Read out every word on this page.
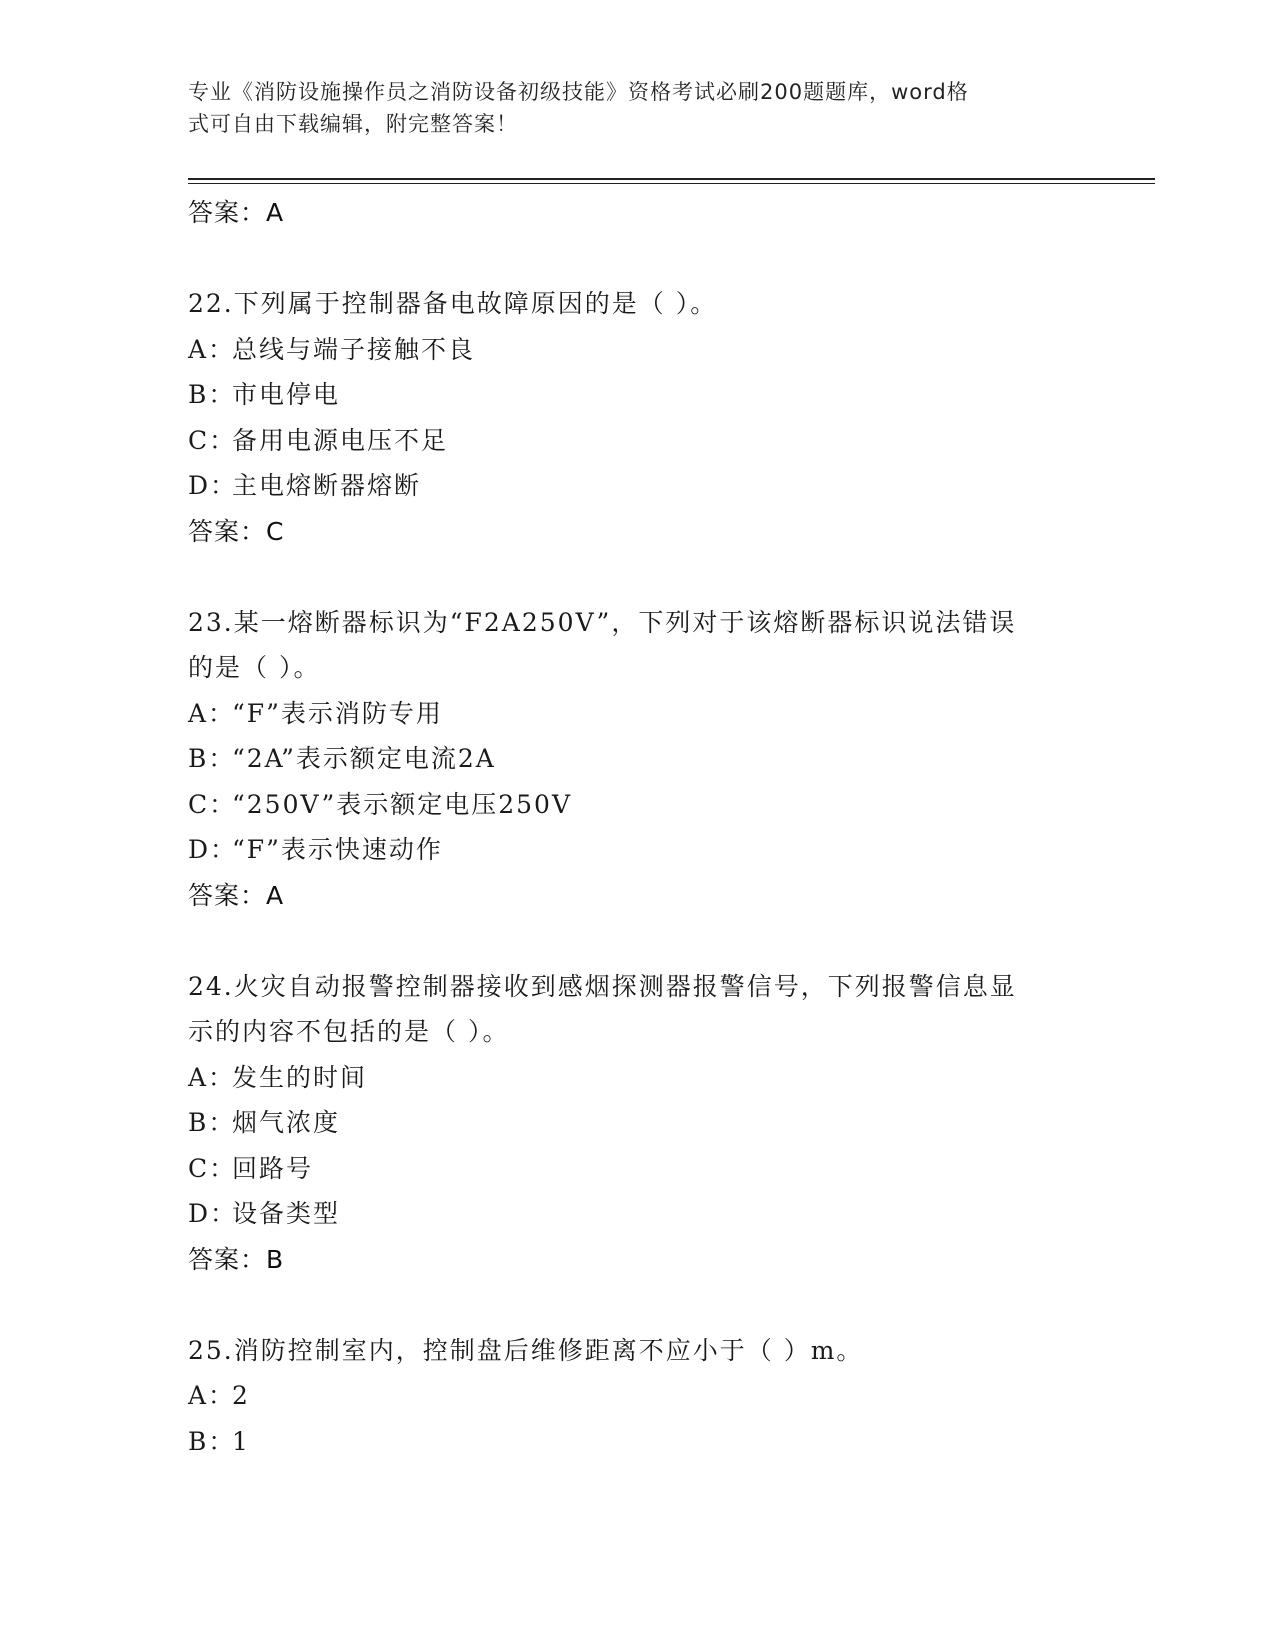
专业《消防设施操作员之消防设备初级技能》资格考试必刷200题题库，word格
式可自由下载编辑，附完整答案！

答案：A

22.下列属于控制器备电故障原因的是（ ）。

A：总线与端子接触不良

B：市电停电

C：备用电源电压不足

D：主电熔断器熔断

答案：C

23.某一熔断器标识为“F2A250V”，下列对于该熔断器标识说法错误

的是（ ）。

A：“F”表示消防专用

B：“2A”表示额定电流2A

C：“250V”表示额定电压250V

D：“F”表示快速动作

答案：A

24.火灾自动报警控制器接收到感烟探测器报警信号，下列报警信息显

示的内容不包括的是（ ）。

A：发生的时间

B：烟气浓度

C：回路号

D：设备类型

答案：B

25.消防控制室内，控制盘后维修距离不应小于（ ）m。

A：2

B：1
